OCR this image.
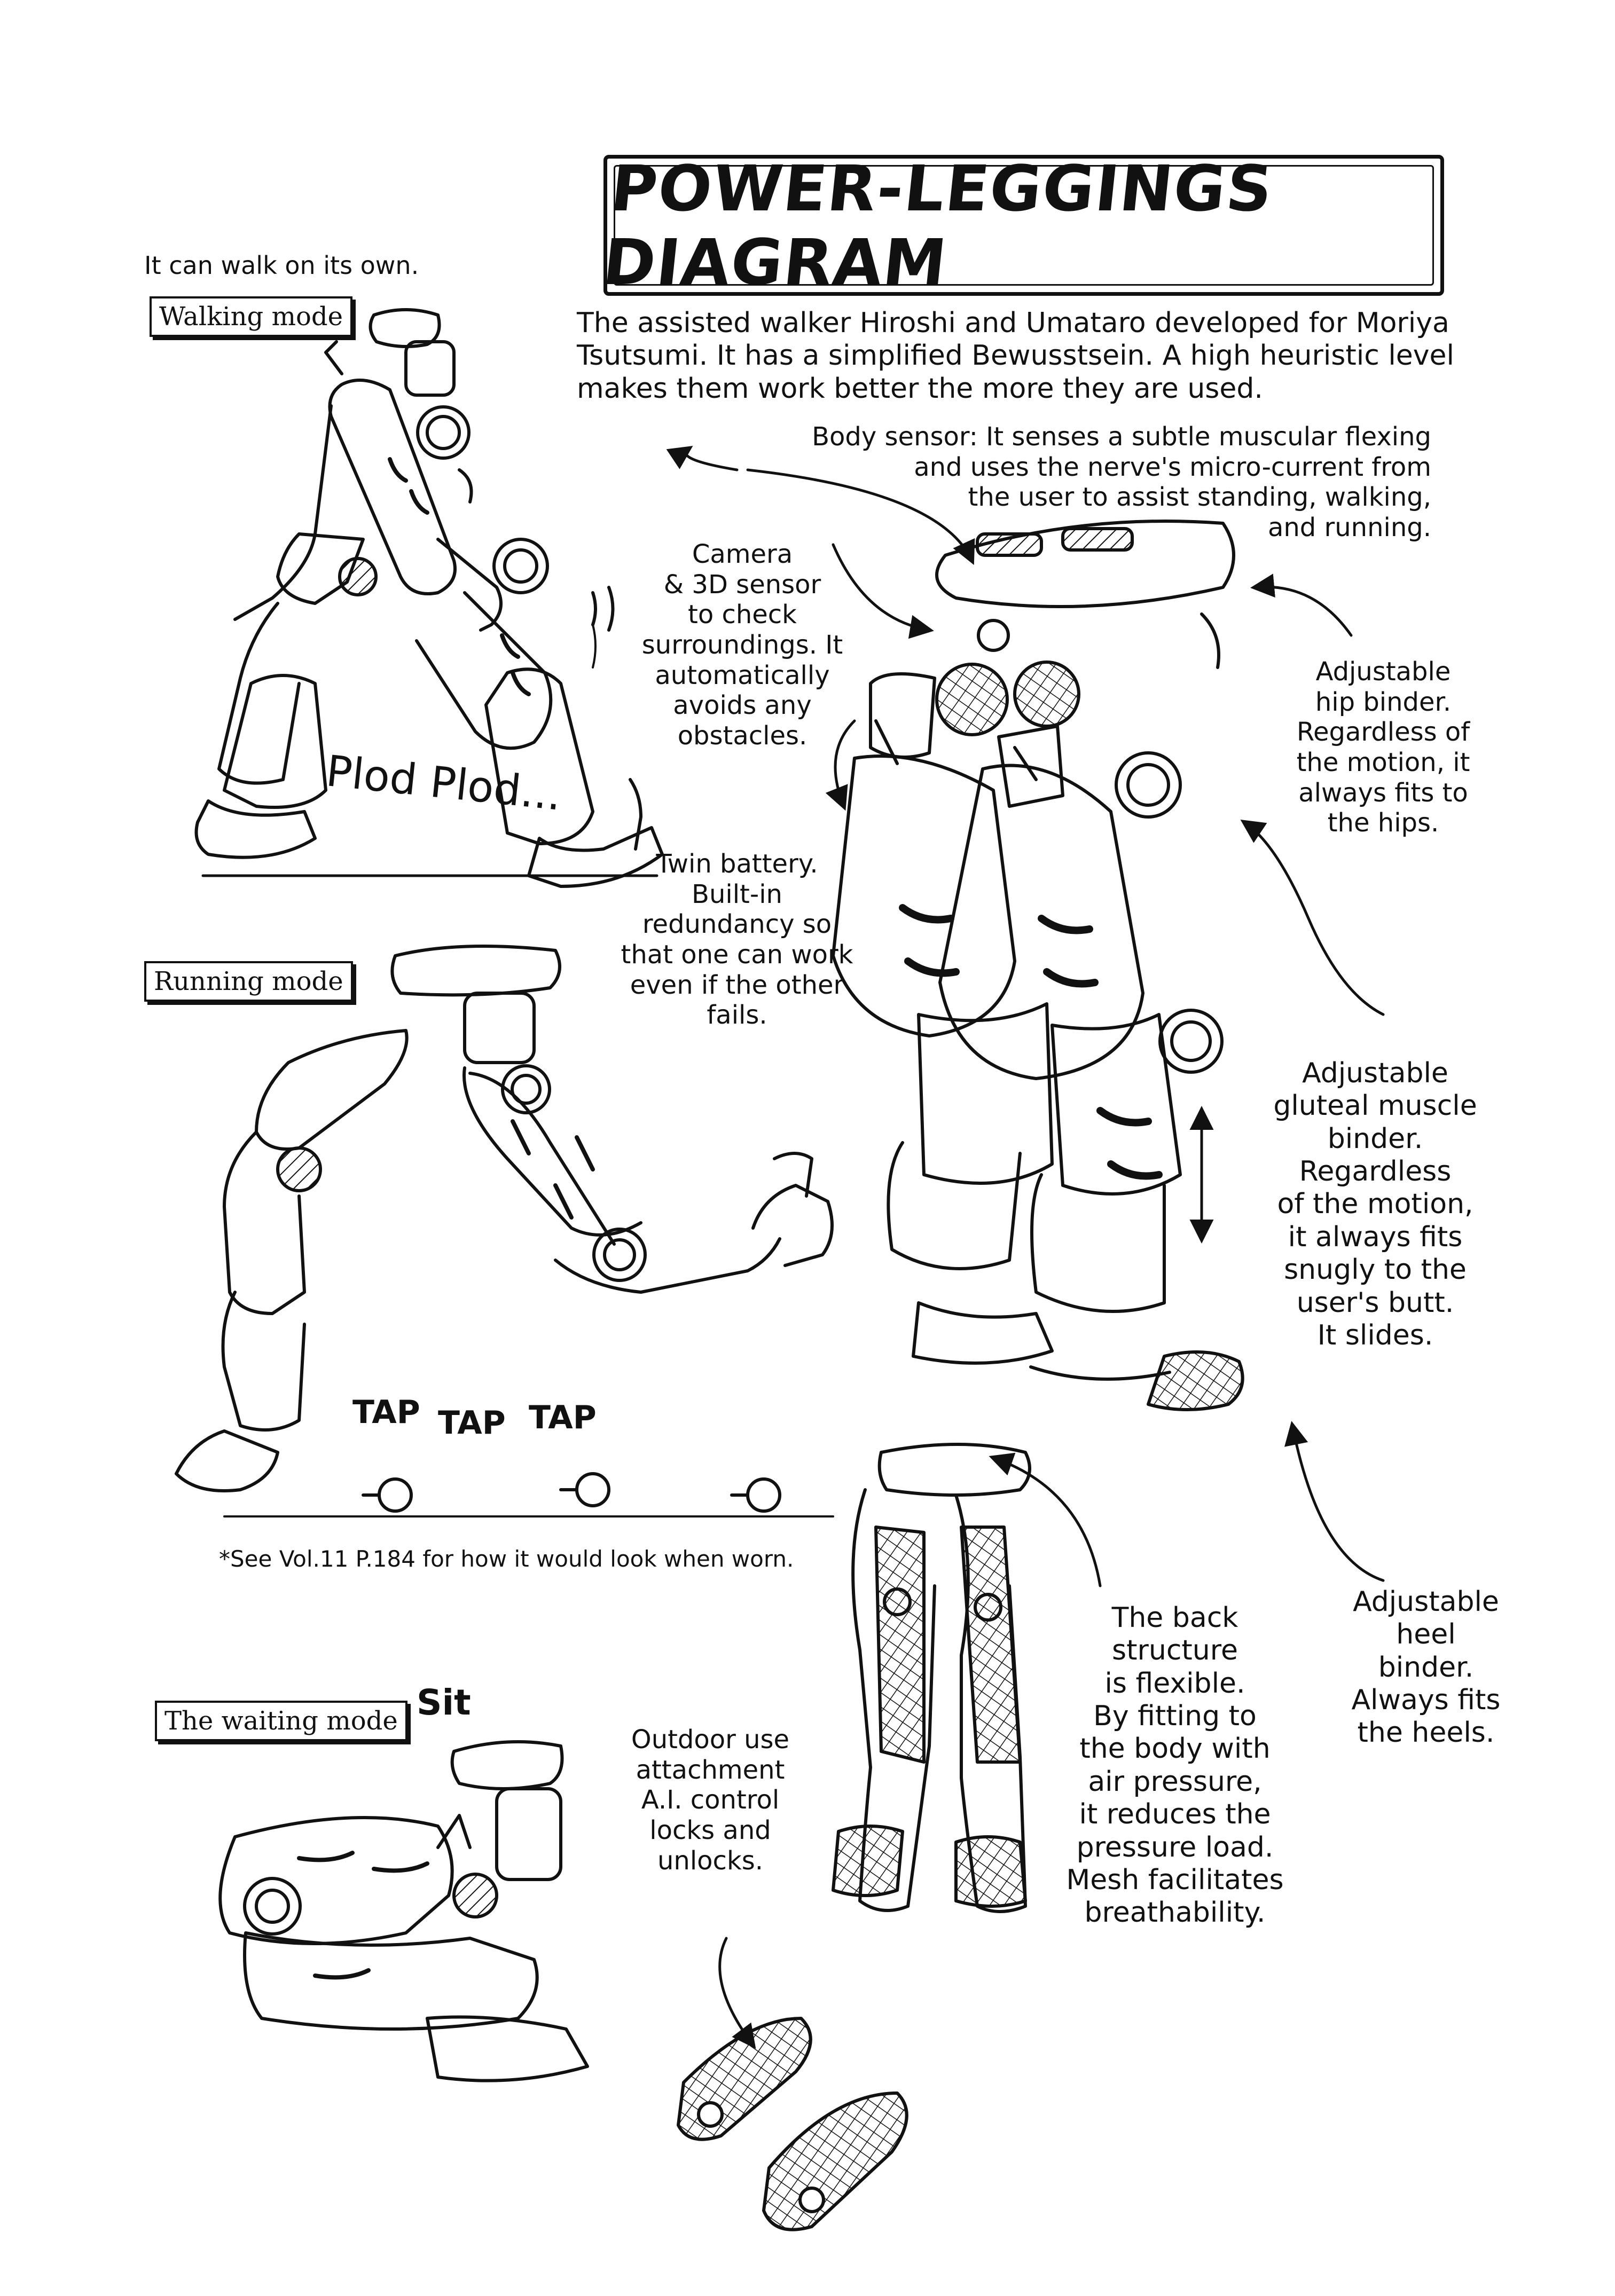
POWER-LEGGINGS DIAGRAM
The assisted walker Hiroshi and Umataro developed for Moriya
Tsutsumi. It has a simplified Bewusstsein. A high heuristic level
makes them work better the more they are used.
It can walk on its own.
Walking mode
Plod Plod...
Running mode
TAP TAP TAP
*See Vol.11 P.184 for how it would look when worn.
The waiting mode Sit
Body sensor: It senses a subtle muscular flexing
and uses the nerve's micro-current from
the user to assist standing, walking,
and running.
Camera
& 3D sensor
to check
surroundings. It
automatically
avoids any
obstacles.
Adjustable
hip binder.
Regardless of
the motion, it
always fits to
the hips.
Twin battery.
Built-in
redundancy so
that one can work
even if the other
fails.
Adjustable
gluteal muscle
binder.
Regardless
of the motion,
it always fits
snugly to the
user's butt.
It slides.
Outdoor use
attachment
A.I. control
locks and
unlocks.
The back
structure
is flexible.
By fitting to
the body with
air pressure,
it reduces the
pressure load.
Mesh facilitates
breathability.
Adjustable
heel
binder.
Always fits
the heels.
